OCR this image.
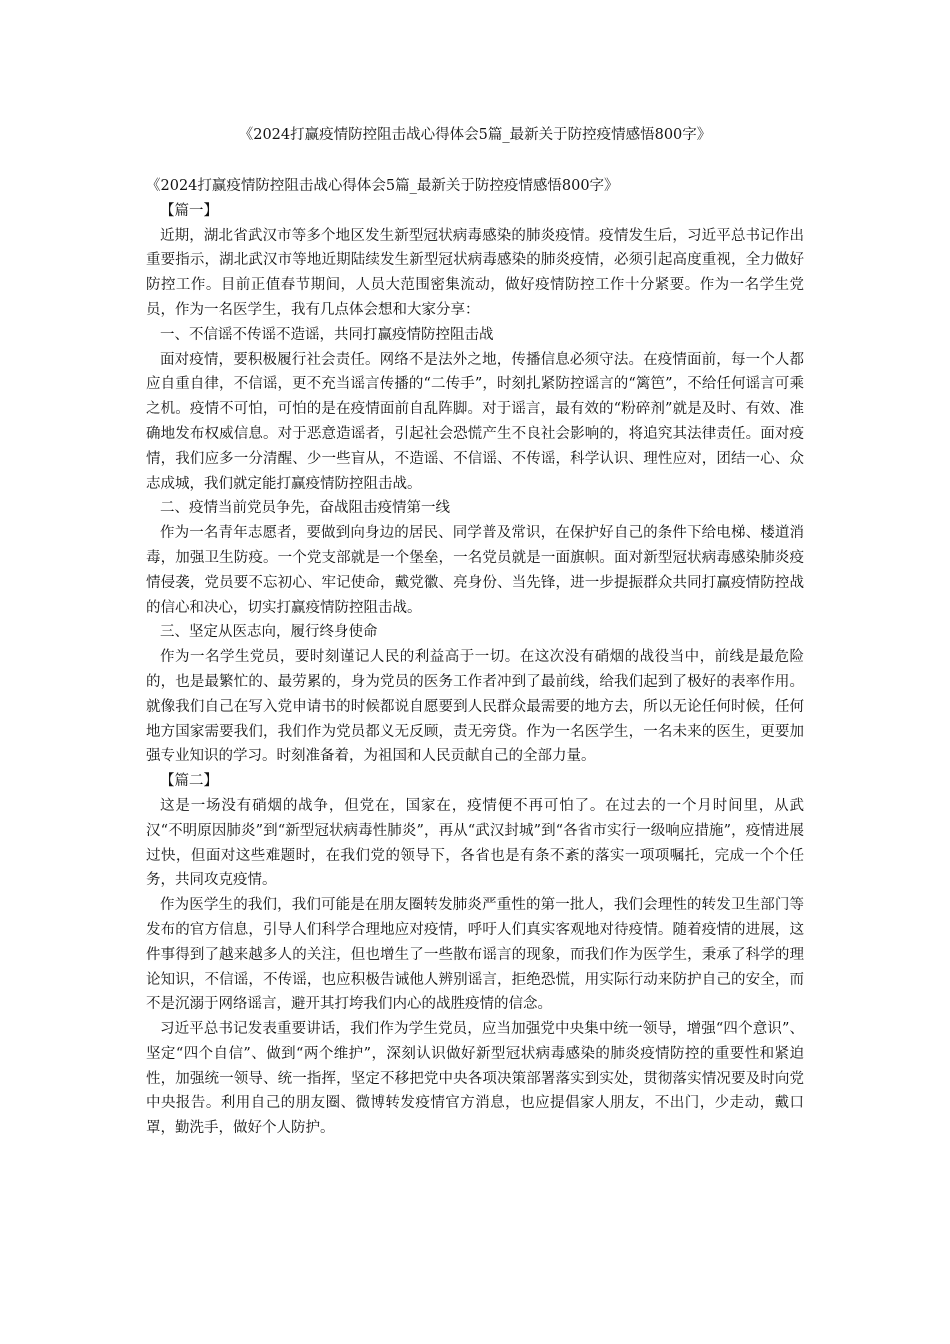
《2024打赢疫情防控阻击战心得体会5篇_最新关于防控疫情感悟800字》

《2024打赢疫情防控阻击战心得体会5篇_最新关于防控疫情感悟800字》

【篇一】

近期，湖北省武汉市等多个地区发生新型冠状病毒感染的肺炎疫情。疫情发生后，习近平总书记作出重要指示，湖北武汉市等地近期陆续发生新型冠状病毒感染的肺炎疫情，必须引起高度重视，全力做好防控工作。目前正值春节期间，人员大范围密集流动，做好疫情防控工作十分紧要。作为一名学生党员，作为一名医学生，我有几点体会想和大家分享：

一、不信谣不传谣不造谣，共同打赢疫情防控阻击战

面对疫情，要积极履行社会责任。网络不是法外之地，传播信息必须守法。在疫情面前，每一个人都应自重自律，不信谣，更不充当谣言传播的“二传手”，时刻扎紧防控谣言的“篱笆”，不给任何谣言可乘之机。疫情不可怕，可怕的是在疫情面前自乱阵脚。对于谣言，最有效的“粉碎剂”就是及时、有效、准确地发布权威信息。对于恶意造谣者，引起社会恐慌产生不良社会影响的，将追究其法律责任。面对疫情，我们应多一分清醒、少一些盲从，不造谣、不信谣、不传谣，科学认识、理性应对，团结一心、众志成城，我们就定能打赢疫情防控阻击战。

二、疫情当前党员争先，奋战阻击疫情第一线

作为一名青年志愿者，要做到向身边的居民、同学普及常识，在保护好自己的条件下给电梯、楼道消毒，加强卫生防疫。一个党支部就是一个堡垒，一名党员就是一面旗帜。面对新型冠状病毒感染肺炎疫情侵袭，党员要不忘初心、牢记使命，戴党徽、亮身份、当先锋，进一步提振群众共同打赢疫情防控战的信心和决心，切实打赢疫情防控阻击战。

三、坚定从医志向，履行终身使命

作为一名学生党员，要时刻谨记人民的利益高于一切。在这次没有硝烟的战役当中，前线是最危险的，也是最繁忙的、最劳累的，身为党员的医务工作者冲到了最前线，给我们起到了极好的表率作用。就像我们自己在写入党申请书的时候都说自愿要到人民群众最需要的地方去，所以无论任何时候，任何地方国家需要我们，我们作为党员都义无反顾，责无旁贷。作为一名医学生，一名未来的医生，更要加强专业知识的学习。时刻准备着，为祖国和人民贡献自己的全部力量。

【篇二】

这是一场没有硝烟的战争，但党在，国家在，疫情便不再可怕了。在过去的一个月时间里，从武汉“不明原因肺炎”到“新型冠状病毒性肺炎”，再从“武汉封城”到“各省市实行一级响应措施”，疫情进展过快，但面对这些难题时，在我们党的领导下，各省也是有条不紊的落实一项项嘱托，完成一个个任务，共同攻克疫情。

作为医学生的我们，我们可能是在朋友圈转发肺炎严重性的第一批人，我们会理性的转发卫生部门等发布的官方信息，引导人们科学合理地应对疫情，呼吁人们真实客观地对待疫情。随着疫情的进展，这件事得到了越来越多人的关注，但也增生了一些散布谣言的现象，而我们作为医学生，秉承了科学的理论知识，不信谣，不传谣，也应积极告诫他人辨别谣言，拒绝恐慌，用实际行动来防护自己的安全，而不是沉溺于网络谣言，避开其打垮我们内心的战胜疫情的信念。

习近平总书记发表重要讲话，我们作为学生党员，应当加强党中央集中统一领导，增强“四个意识”、坚定“四个自信”、做到“两个维护”，深刻认识做好新型冠状病毒感染的肺炎疫情防控的重要性和紧迫性，加强统一领导、统一指挥，坚定不移把党中央各项决策部署落实到实处，贯彻落实情况要及时向党中央报告。利用自己的朋友圈、微博转发疫情官方消息，也应提倡家人朋友，不出门，少走动，戴口罩，勤洗手，做好个人防护。
